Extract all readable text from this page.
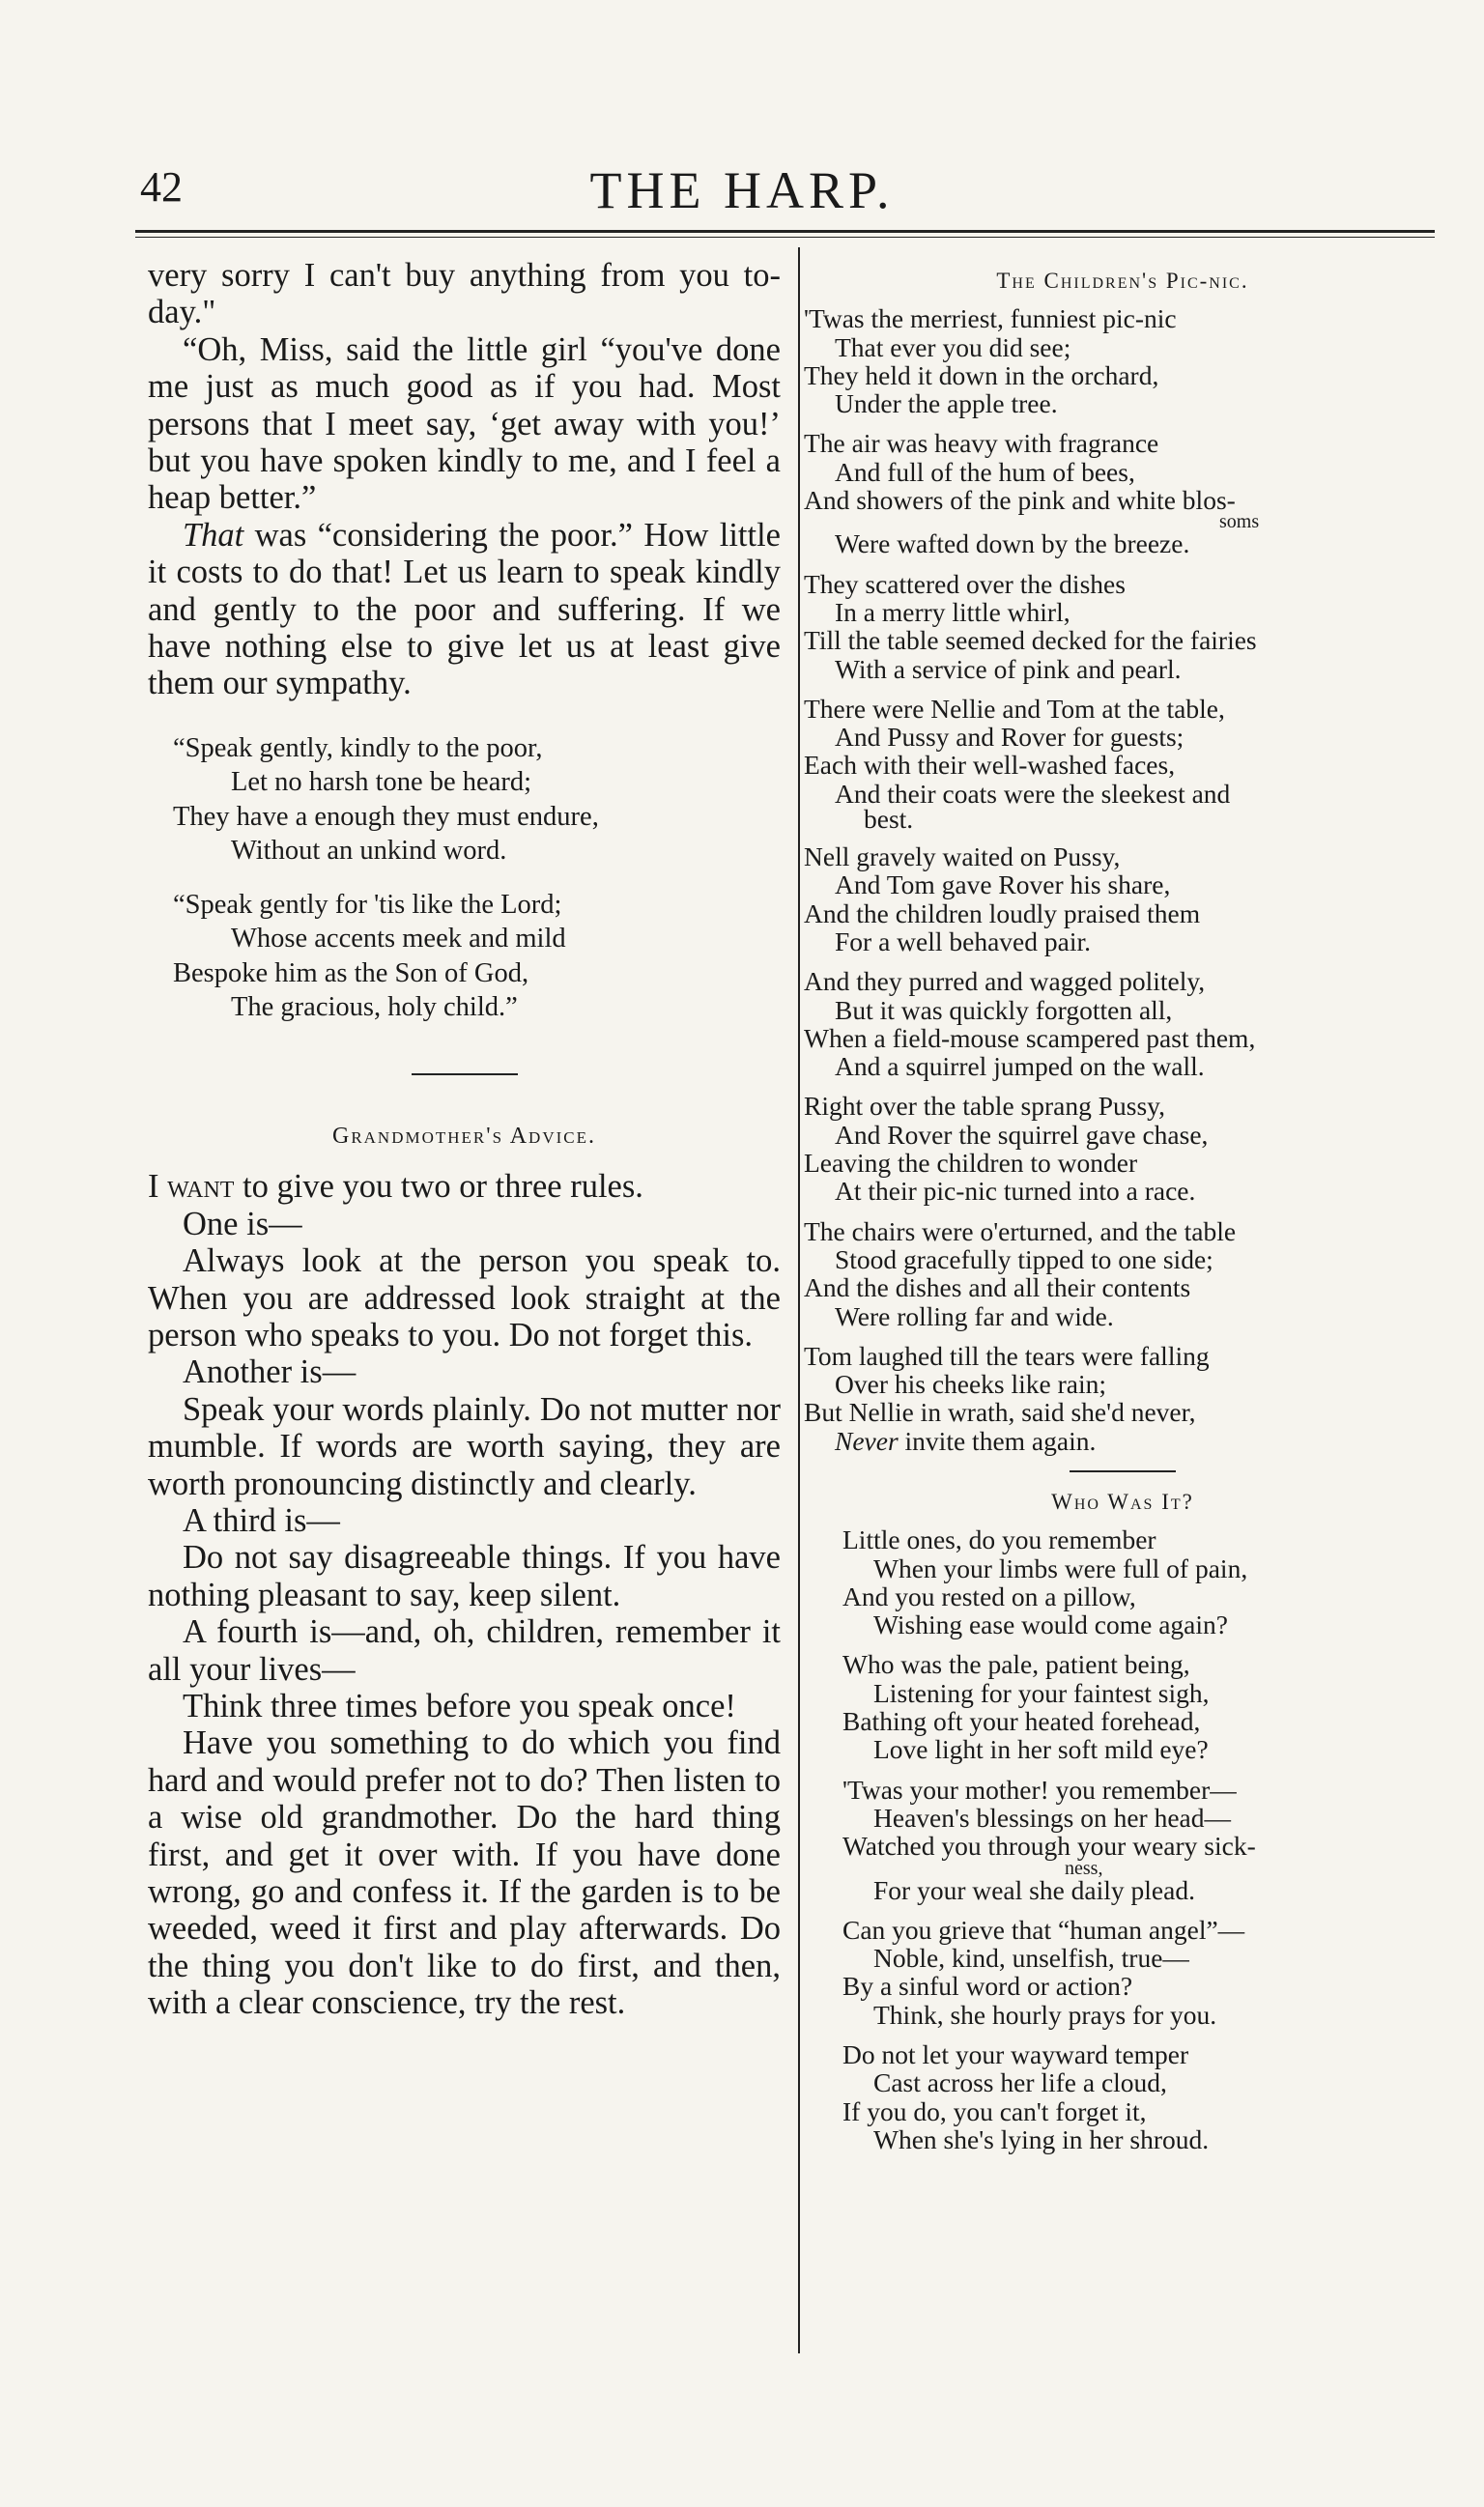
42	THE HARP.

very sorry I can't buy anything from you to-day."

“Oh, Miss, said the little girl “you've done me just as much good as if you had. Most persons that I meet say, ‘get away with you!’ but you have spoken kindly to me, and I feel a heap better.”

That was “considering the poor.” How little it costs to do that! Let us learn to speak kindly and gently to the poor and suffering. If we have nothing else to give let us at least give them our sympathy.

“Speak gently, kindly to the poor,
Let no harsh tone be heard;
They have a enough they must endure,
Without an unkind word.
“Speak gently for 'tis like the Lord;
Whose accents meek and mild
Bespoke him as the Son of God,
The gracious, holy child.”
Grandmother's Advice.

I want to give you two or three rules.

One is—

Always look at the person you speak to. When you are addressed look straight at the person who speaks to you. Do not forget this.

Another is—

Speak your words plainly. Do not mutter nor mumble. If words are worth saying, they are worth pronouncing distinctly and clearly.

A third is—

Do not say disagreeable things. If you have nothing pleasant to say, keep silent.

A fourth is—and, oh, children, remember it all your lives—

Think three times before you speak once!

Have you something to do which you find hard and would prefer not to do? Then listen to a wise old grandmother. Do the hard thing first, and get it over with. If you have done wrong, go and confess it. If the garden is to be weeded, weed it first and play afterwards. Do the thing you don't like to do first, and then, with a clear conscience, try the rest.

The Children's Pic-nic.
'Twas the merriest, funniest pic-nic
That ever you did see;
They held it down in the orchard,
Under the apple tree.
The air was heavy with fragrance
And full of the hum of bees,
And showers of the pink and white blos-
soms
Were wafted down by the breeze.
They scattered over the dishes
In a merry little whirl,
Till the table seemed decked for the fairies
With a service of pink and pearl.
There were Nellie and Tom at the table,
And Pussy and Rover for guests;
Each with their well-washed faces,
And their coats were the sleekest and
best.
Nell gravely waited on Pussy,
And Tom gave Rover his share,
And the children loudly praised them
For a well behaved pair.
And they purred and wagged politely,
But it was quickly forgotten all,
When a field-mouse scampered past them,
And a squirrel jumped on the wall.
Right over the table sprang Pussy,
And Rover the squirrel gave chase,
Leaving the children to wonder
At their pic-nic turned into a race.
The chairs were o'erturned, and the table
Stood gracefully tipped to one side;
And the dishes and all their contents
Were rolling far and wide.
Tom laughed till the tears were falling
Over his cheeks like rain;
But Nellie in wrath, said she'd never,
Never invite them again.
Who Was It?
Little ones, do you remember
When your limbs were full of pain,
And you rested on a pillow,
Wishing ease would come again?
Who was the pale, patient being,
Listening for your faintest sigh,
Bathing oft your heated forehead,
Love light in her soft mild eye?
'Twas your mother! you remember—
Heaven's blessings on her head—
Watched you through your weary sick-
ness,
For your weal she daily plead.
Can you grieve that “human angel”—
Noble, kind, unselfish, true—
By a sinful word or action?
Think, she hourly prays for you.
Do not let your wayward temper
Cast across her life a cloud,
If you do, you can't forget it,
When she's lying in her shroud.
